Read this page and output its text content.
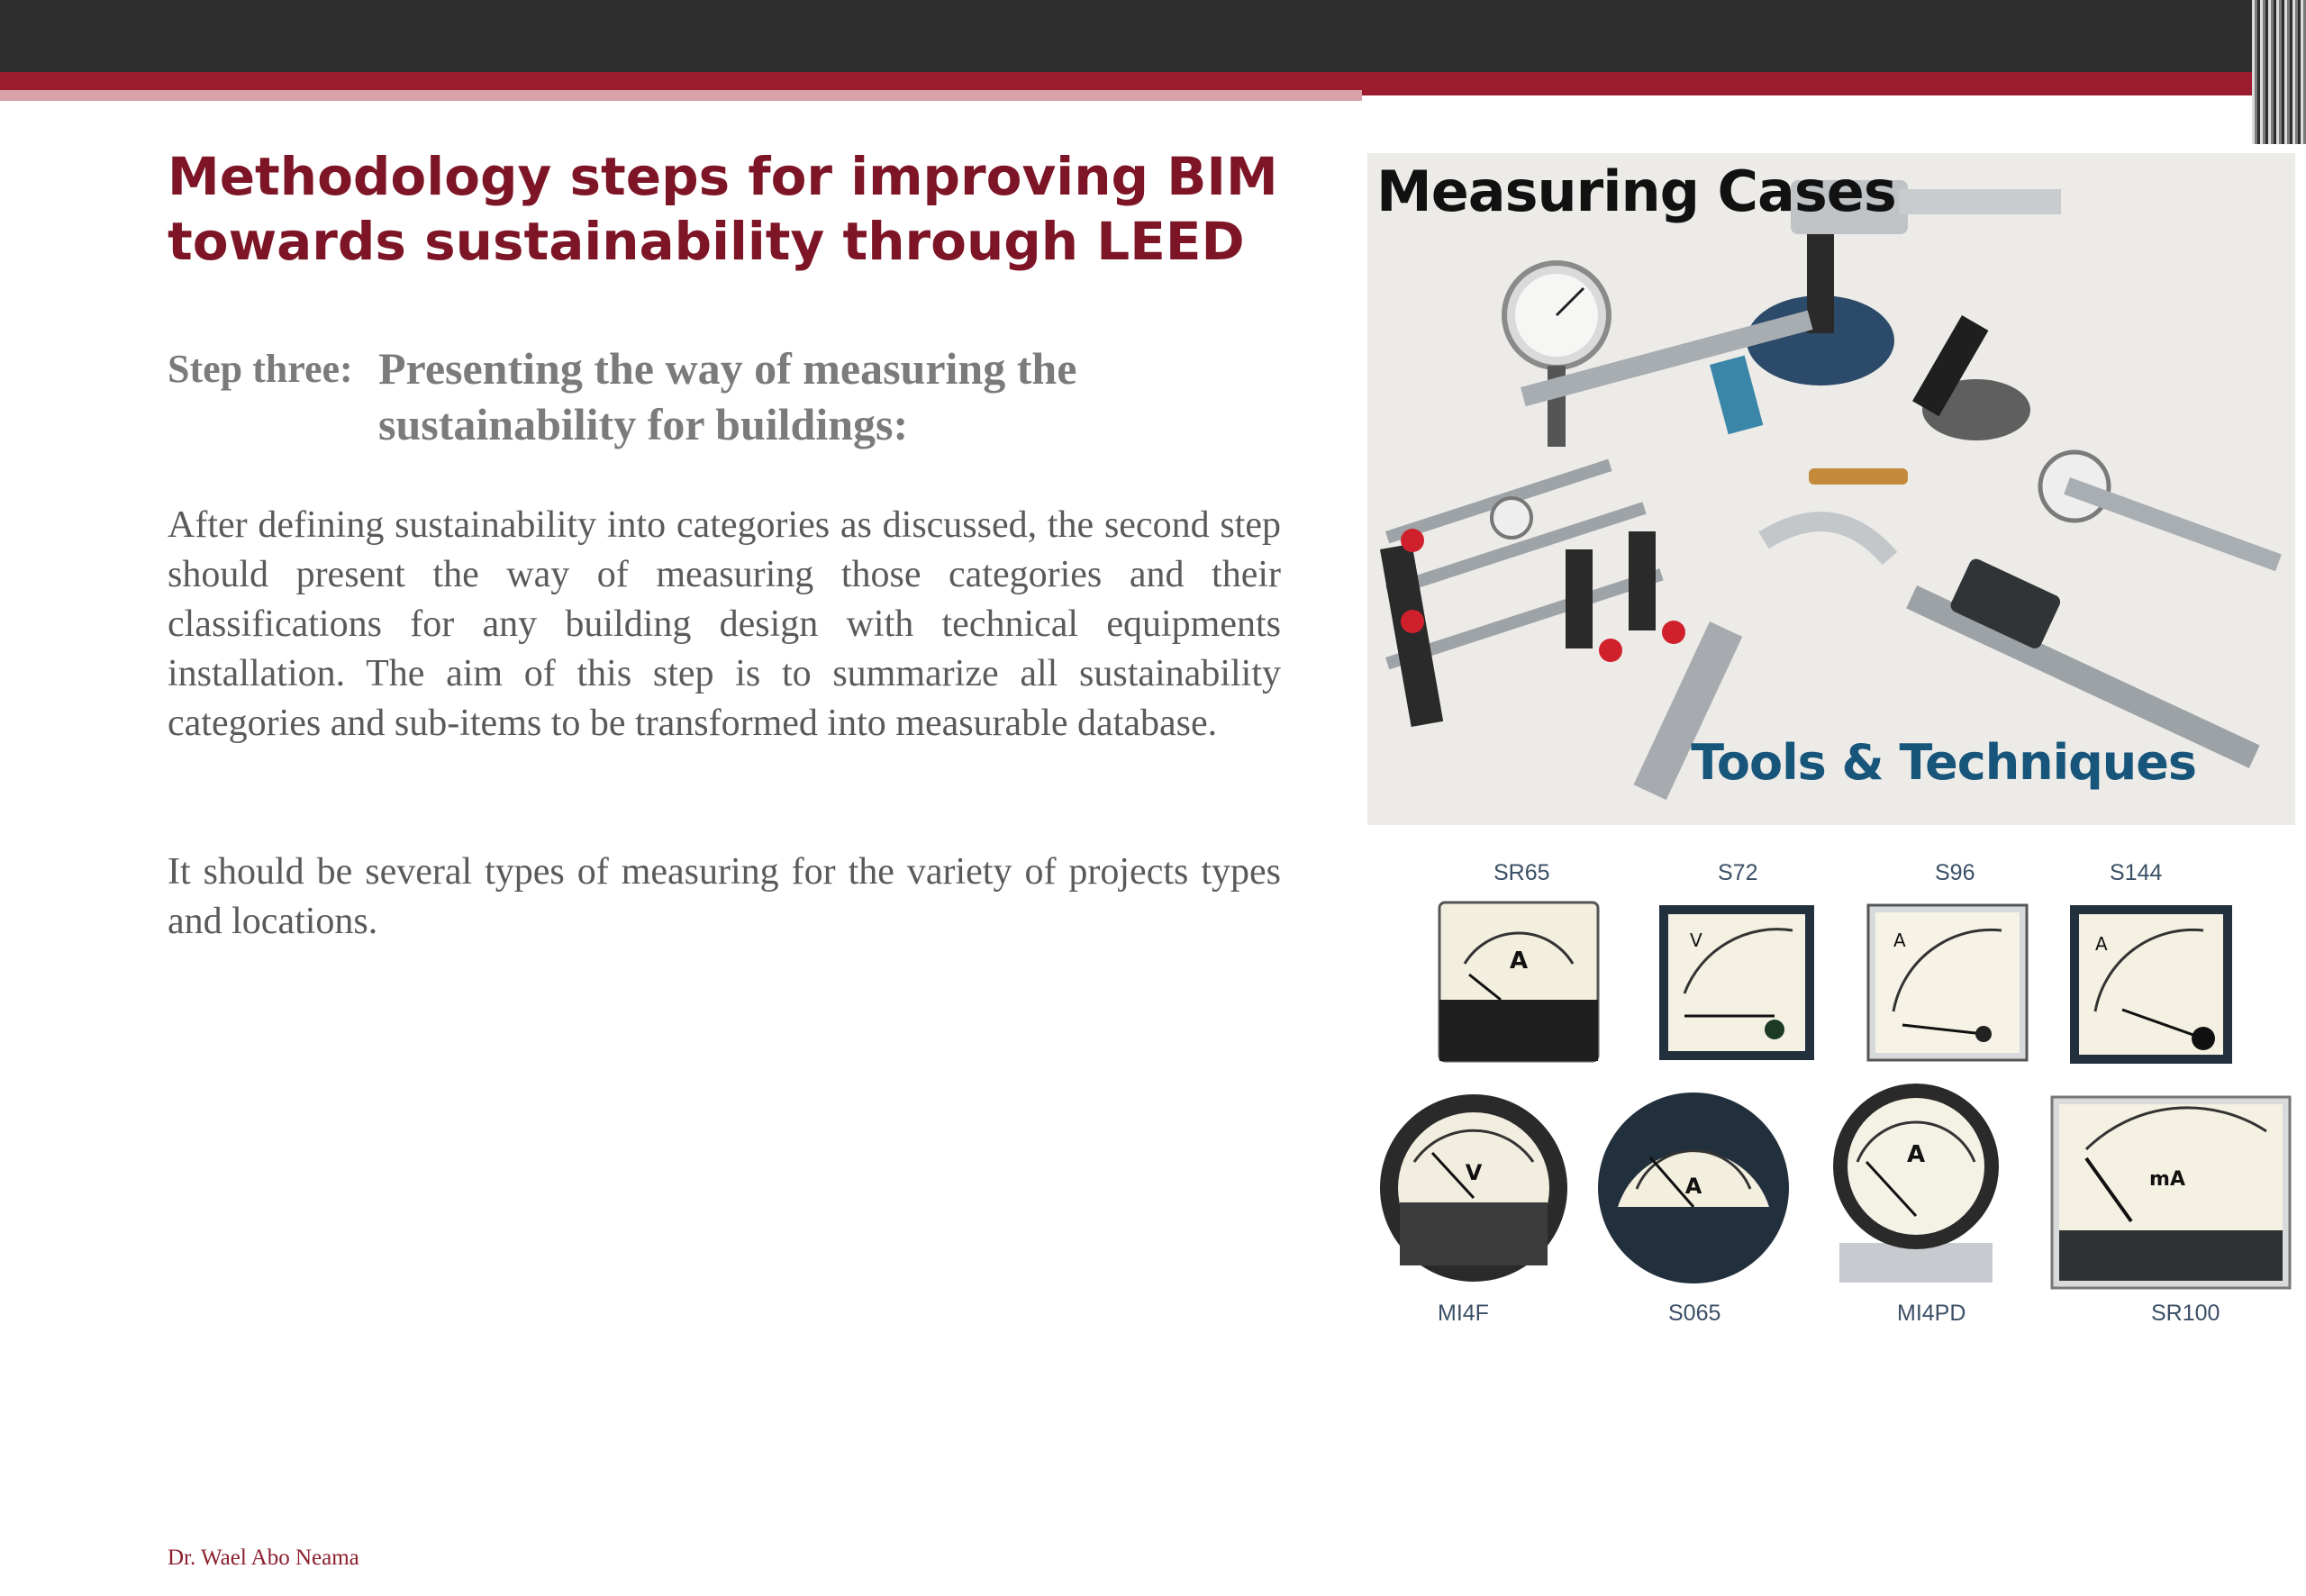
Methodology steps for improving BIM towards sustainability through LEED
Step three: Presenting the way of measuring the sustainability for buildings:

After defining sustainability into categories as discussed, the second step should present the way of measuring those categories and their classifications for any building design with technical equipments installation. The aim of this step is to summarize all sustainability categories and sub-items to be transformed into measurable database.

It should be several types of measuring for the variety of projects types and locations.

Dr. Wael Abo Neama
Measuring Cases
Tools & Techniques
SR65	S72	S96	S144
A
V	A	A
V
A
A
mA
MI4F	S065	MI4PD	SR100
